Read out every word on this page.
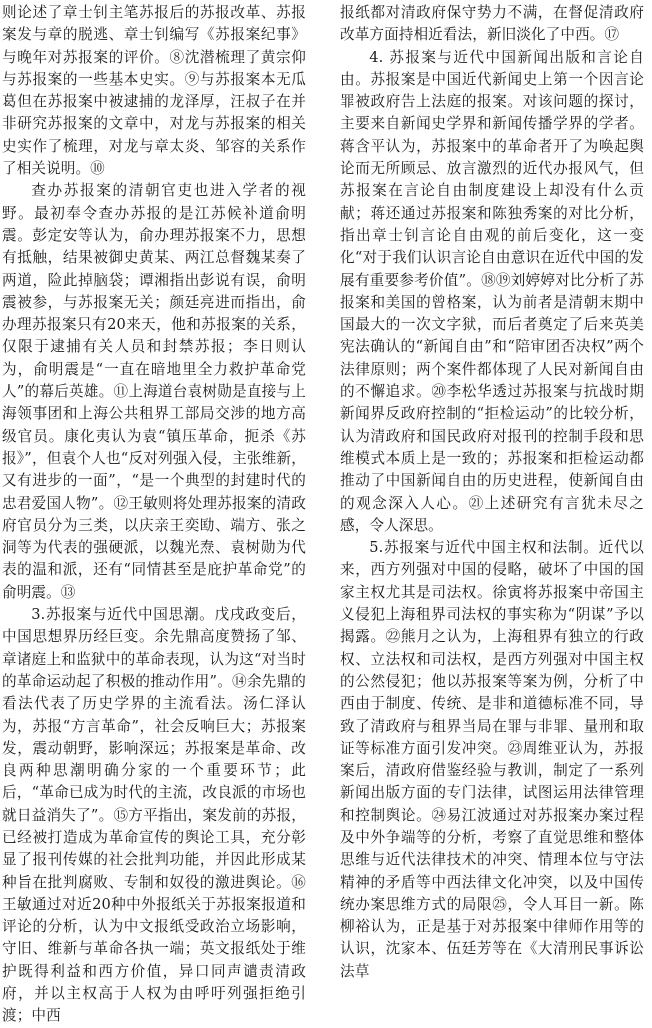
则论述了章士钊主笔苏报后的苏报改革、苏报案发与章的脱逃、章士钊编写《苏报案纪事》与晚年对苏报案的评价。⑧沈潜梳理了黄宗仰与苏报案的一些基本史实。⑨与苏报案本无瓜葛但在苏报案中被逮捕的龙泽厚，汪叔子在并非研究苏报案的文章中，对龙与苏报案的相关史实作了梳理，对龙与章太炎、邹容的关系作了相关说明。⑩

查办苏报案的清朝官吏也进入学者的视野。最初奉令查办苏报的是江苏候补道俞明震。彭定安等认为，俞办理苏报案不力，思想有抵触，结果被御史黄某、两江总督魏某奏了两道，险此掉脑袋；谭湘指出彭说有误，俞明震被参，与苏报案无关；颜廷亮进而指出，俞办理苏报案只有20来天，他和苏报案的关系，仅限于逮捕有关人员和封禁苏报；李日则认为，俞明震是“一直在暗地里全力救护革命党人”的幕后英雄。⑪上海道台袁树勋是直接与上海领事团和上海公共租界工部局交涉的地方高级官员。康化夷认为袁“镇压革命，扼杀《苏报》”，但袁个人也“反对列强入侵，主张维新，又有进步的一面”，“是一个典型的封建时代的忠君爱国人物”。⑫王敏则将处理苏报案的清政府官员分为三类，以庆亲王奕劻、端方、张之洞等为代表的强硬派，以魏光焘、袁树勋为代表的温和派，还有“同情甚至是庇护革命党”的俞明震。⑬

3.苏报案与近代中国思潮。戊戌政变后，中国思想界历经巨变。余先鼎高度赞扬了邹、章诸庭上和监狱中的革命表现，认为这“对当时的革命运动起了积极的推动作用”。⑭余先鼎的看法代表了历史学界的主流看法。汤仁泽认为，苏报“方言革命”，社会反响巨大；苏报案发，震动朝野，影响深远；苏报案是革命、改良两种思潮明确分家的一个重要环节；此后，“革命已成为时代的主流，改良派的市场也就日益消失了”。⑮方平指出，案发前的苏报，已经被打造成为革命宣传的舆论工具，充分彰显了报刊传媒的社会批判功能，并因此形成某种旨在批判腐败、专制和奴役的激进舆论。⑯王敏通过对近20种中外报纸关于苏报案报道和评论的分析，认为中文报纸受政治立场影响，守旧、维新与革命各执一端；英文报纸处于维护既得利益和西方价值，异口同声谴责清政府，并以主权高于人权为由呼吁列强拒绝引渡；中西

报纸都对清政府保守势力不满，在督促清政府改革方面持相近看法，新旧淡化了中西。⑰

4. 苏报案与近代中国新闻出版和言论自由。苏报案是中国近代新闻史上第一个因言论罪被政府告上法庭的报案。对该问题的探讨，主要来自新闻史学界和新闻传播学界的学者。蒋含平认为，苏报案中的革命者开了为唤起舆论而无所顾忌、放言激烈的近代办报风气，但苏报案在言论自由制度建设上却没有什么贡献；蒋还通过苏报案和陈独秀案的对比分析，指出章士钊言论自由观的前后变化，这一变化“对于我们认识言论自由意识在近代中国的发展有重要参考价值”。⑱⑲刘婷婷对比分析了苏报案和美国的曾格案，认为前者是清朝末期中国最大的一次文字狱，而后者奠定了后来英美宪法确认的“新闻自由”和“陪审团否决权”两个法律原则；两个案件都体现了人民对新闻自由的不懈追求。⑳李松华透过苏报案与抗战时期新闻界反政府控制的“拒检运动”的比较分析，认为清政府和国民政府对报刊的控制手段和思维模式本质上是一致的；苏报案和拒检运动都推动了中国新闻自由的历史进程，使新闻自由的观念深入人心。㉑上述研究有言犹未尽之感，令人深思。

5.苏报案与近代中国主权和法制。近代以来，西方列强对中国的侵略，破坏了中国的国家主权尤其是司法权。徐寅将苏报案中帝国主义侵犯上海租界司法权的事实称为“阴谋”予以揭露。㉒熊月之认为，上海租界有独立的行政权、立法权和司法权，是西方列强对中国主权的公然侵犯；他以苏报案等案为例，分析了中西由于制度、传统、是非和道德标准不同，导致了清政府与租界当局在罪与非罪、量刑和取证等标准方面引发冲突。㉓周维亚认为，苏报案后，清政府借鉴经验与教训，制定了一系列新闻出版方面的专门法律，试图运用法律管理和控制舆论。㉔易江波通过对苏报案办案过程及中外争端等的分析，考察了直觉思维和整体思维与近代法律技术的冲突、情理本位与守法精神的矛盾等中西法律文化冲突，以及中国传统办案思维方式的局限㉕，令人耳目一新。陈柳裕认为，正是基于对苏报案中律师作用等的认识，沈家本、伍廷芳等在《大清刑民事诉讼法草
